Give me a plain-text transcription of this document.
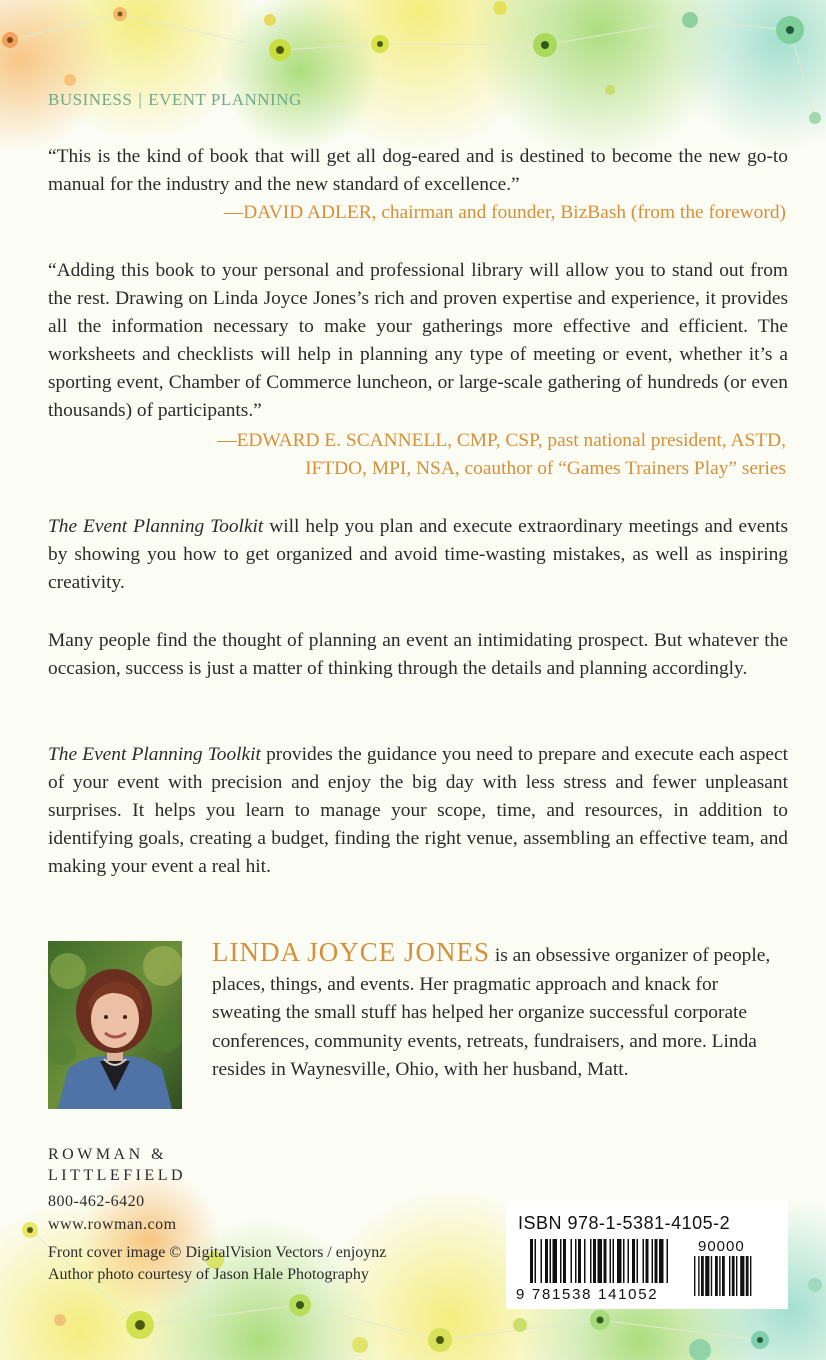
BUSINESS | EVENT PLANNING

“This is the kind of book that will get all dog-eared and is destined to become the new go-to manual for the industry and the new standard of excellence.”

—DAVID ADLER, chairman and founder, BizBash (from the foreword)

“Adding this book to your personal and professional library will allow you to stand out from the rest. Drawing on Linda Joyce Jones’s rich and proven expertise and experience, it provides all the information necessary to make your gatherings more effective and efficient. The worksheets and checklists will help in planning any type of meeting or event, whether it’s a sporting event, Chamber of Commerce luncheon, or large-scale gathering of hundreds (or even thousands) of participants.”

—EDWARD E. SCANNELL, CMP, CSP, past national president, ASTD,
IFTDO, MPI, NSA, coauthor of “Games Trainers Play” series

The Event Planning Toolkit will help you plan and execute extraordinary meetings and events by showing you how to get organized and avoid time-wasting mistakes, as well as inspiring creativity.

Many people find the thought of planning an event an intimidating prospect. But whatever the occasion, success is just a matter of thinking through the details and planning accordingly.

The Event Planning Toolkit provides the guidance you need to prepare and execute each aspect of your event with precision and enjoy the big day with less stress and fewer unpleasant surprises. It helps you learn to manage your scope, time, and resources, in addition to identifying goals, creating a budget, finding the right venue, assembling an effective team, and making your event a real hit.

LINDA JOYCE JONES is an obsessive organizer of people, places, things, and events. Her pragmatic approach and knack for sweating the small stuff has helped her organize successful corporate conferences, community events, retreats, fundraisers, and more. Linda resides in Waynesville, Ohio, with her husband, Matt.

ROWMAN &
LITTLEFIELD
800-462-6420
www.rowman.com
Front cover image © DigitalVision Vectors / enjoynz
Author photo courtesy of Jason Hale Photography
ISBN 978-1-5381-4105-2
90000
9 781538 141052
